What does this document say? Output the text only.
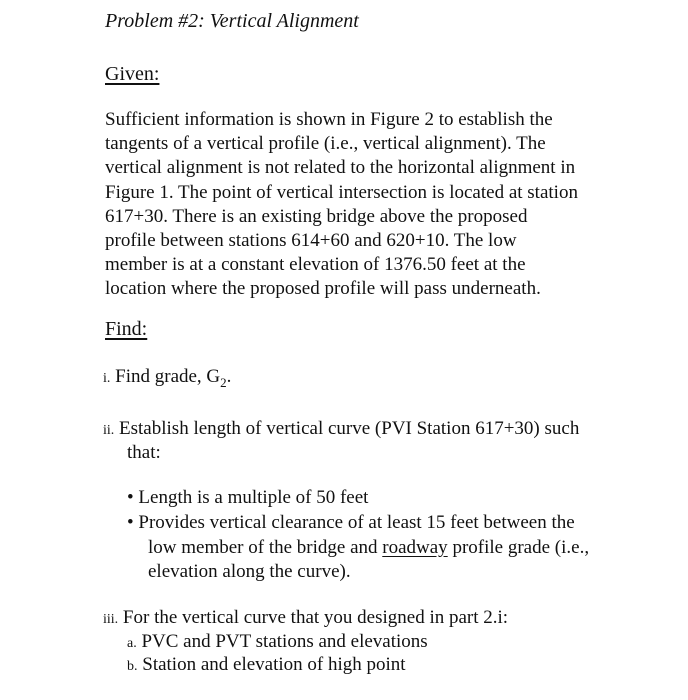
Problem #2: Vertical Alignment
Given:
Sufficient information is shown in Figure 2 to establish the
tangents of a vertical profile (i.e., vertical alignment). The
vertical alignment is not related to the horizontal alignment in
Figure 1. The point of vertical intersection is located at station
617+30. There is an existing bridge above the proposed
profile between stations 614+60 and 620+10. The low
member is at a constant elevation of 1376.50 feet at the
location where the proposed profile will pass underneath.
Find:
i. Find grade, $G_2$.
ii. Establish length of vertical curve (PVI Station 617+30) such
that:
• Length is a multiple of 50 feet
• Provides vertical clearance of at least 15 feet between the
low member of the bridge and roadway profile grade (i.e.,
elevation along the curve).
iii. For the vertical curve that you designed in part 2.i:
a. PVC and PVT stations and elevations
b. Station and elevation of high point
